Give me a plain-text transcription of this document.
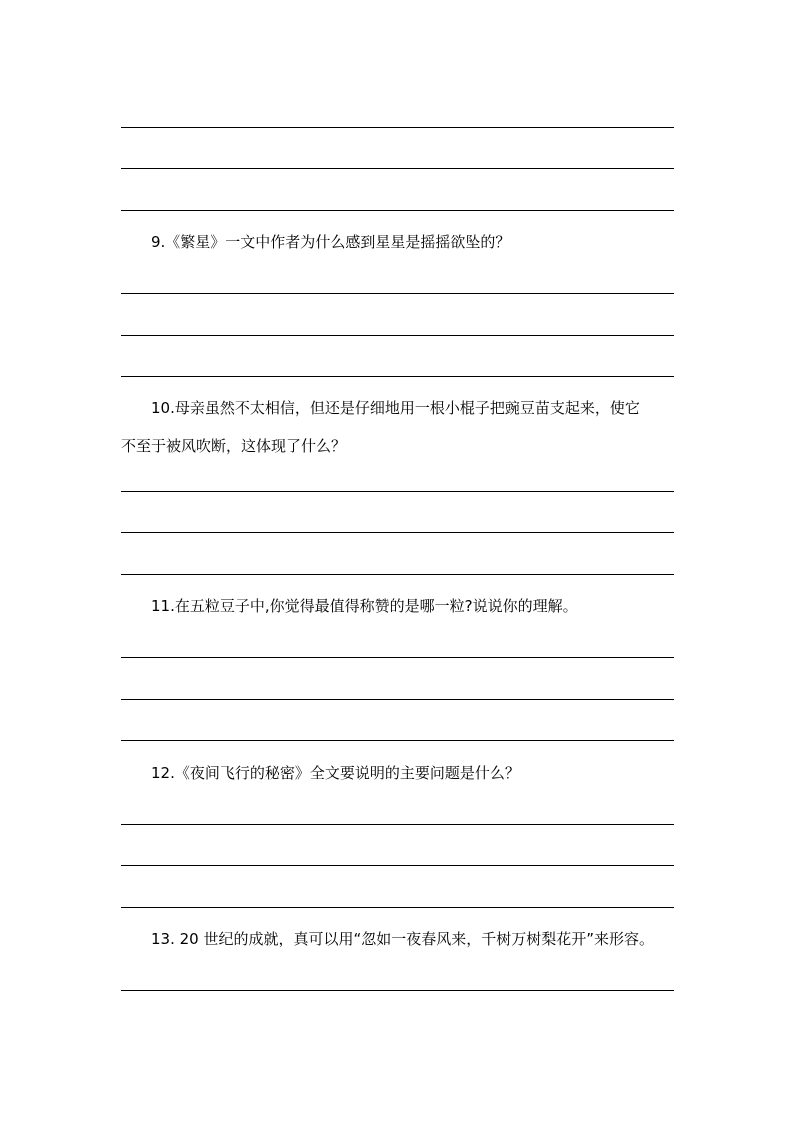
9.《繁星》一文中作者为什么感到星星是摇摇欲坠的？
10.母亲虽然不太相信，但还是仔细地用一根小棍子把豌豆苗支起来，使它
不至于被风吹断，这体现了什么？
11.在五粒豆子中,你觉得最值得称赞的是哪一粒?说说你的理解。
12.《夜间飞行的秘密》全文要说明的主要问题是什么？
13. 20 世纪的成就，真可以用“忽如一夜春风来，千树万树梨花开”来形容。
